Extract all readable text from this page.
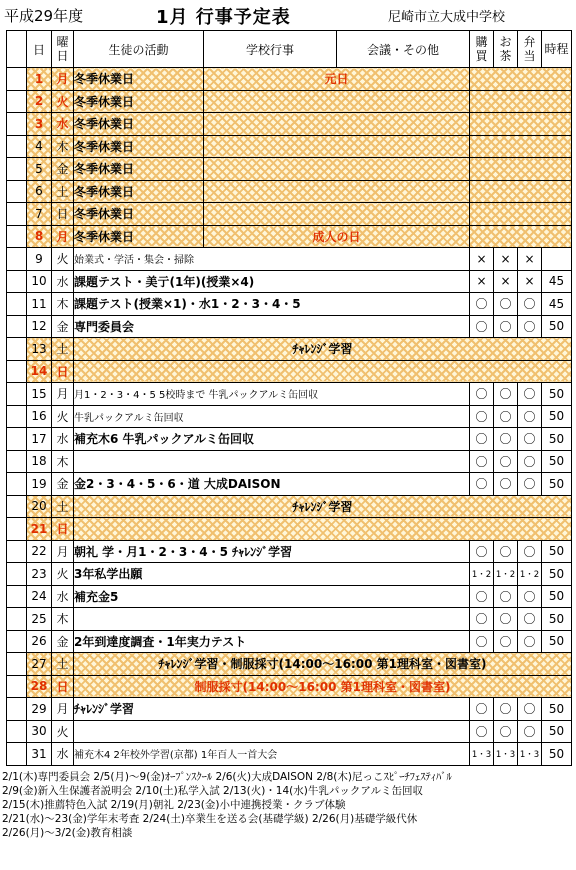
平成29年度	1月 行事予定表	尼崎市立大成中学校
	日	曜日	生徒の活動	学校行事	会議・その他	購買	お茶	弁当	時程
	1	月	冬季休業日	元日					
	2	火	冬季休業日						
	3	水	冬季休業日						
	4	木	冬季休業日						
	5	金	冬季休業日						
	6	土	冬季休業日						
	7	日	冬季休業日						
	8	月	冬季休業日	成人の日					
	9	火	始業式・学活・集会・掃除			×	×	×	
	10	水	課題テスト・美亍(1年)(授業×4)			×	×	×	45
	11	木	課題テスト(授業×1)・水1・2・3・4・5			〇	〇	〇	45
	12	金	専門委員会			〇	〇	〇	50
	13	土	ﾁｬﾚﾝｼﾞ学習						
	14	日							
	15	月	月1・2・3・4・5 5校時まで 牛乳パックアルミ缶回収			〇	〇	〇	50
	16	火	牛乳パックアルミ缶回収			〇	〇	〇	50
	17	水	補充木6 牛乳パックアルミ缶回収			〇	〇	〇	50
	18	木				〇	〇	〇	50
	19	金	金2・3・4・5・6・道 大成DAISON			〇	〇	〇	50
	20	土	ﾁｬﾚﾝｼﾞ学習						
	21	日							
	22	月	朝礼 学・月1・2・3・4・5 ﾁｬﾚﾝｼﾞ学習			〇	〇	〇	50
	23	火	3年私学出願			1・2	1・2	1・2	50
	24	水	補充金5			〇	〇	〇	50
	25	木				〇	〇	〇	50
	26	金	2年到達度調査・1年実力テスト			〇	〇	〇	50
	27	土	ﾁｬﾚﾝｼﾞ学習・制服採寸(14:00～16:00 第1理科室・図書室)						
	28	日	制服採寸(14:00～16:00 第1理科室・図書室)						
	29	月	ﾁｬﾚﾝｼﾞ学習			〇	〇	〇	50
	30	火				〇	〇	〇	50
	31	水	補充木4 2年校外学習(京都) 1年百人一首大会			1・3	1・3	1・3	50
2/1(木)専門委員会 2/5(月)～9(金)ｵｰﾌﾟﾝｽｸｰﾙ 2/6(火)大成DAISON 2/8(木)尼っこｽﾋﾟｰﾁﾌｪｽﾃｨﾊﾞﾙ
2/9(金)新入生保護者説明会 2/10(土)私学入試 2/13(火)・14(水)牛乳パックアルミ缶回収
2/15(木)推薦特色入試 2/19(月)朝礼 2/23(金)小中連携授業・クラブ体験
2/21(水)～23(金)学年末考査 2/24(土)卒業生を送る会(基礎学級) 2/26(月)基礎学級代休
2/26(月)～3/2(金)教育相談
